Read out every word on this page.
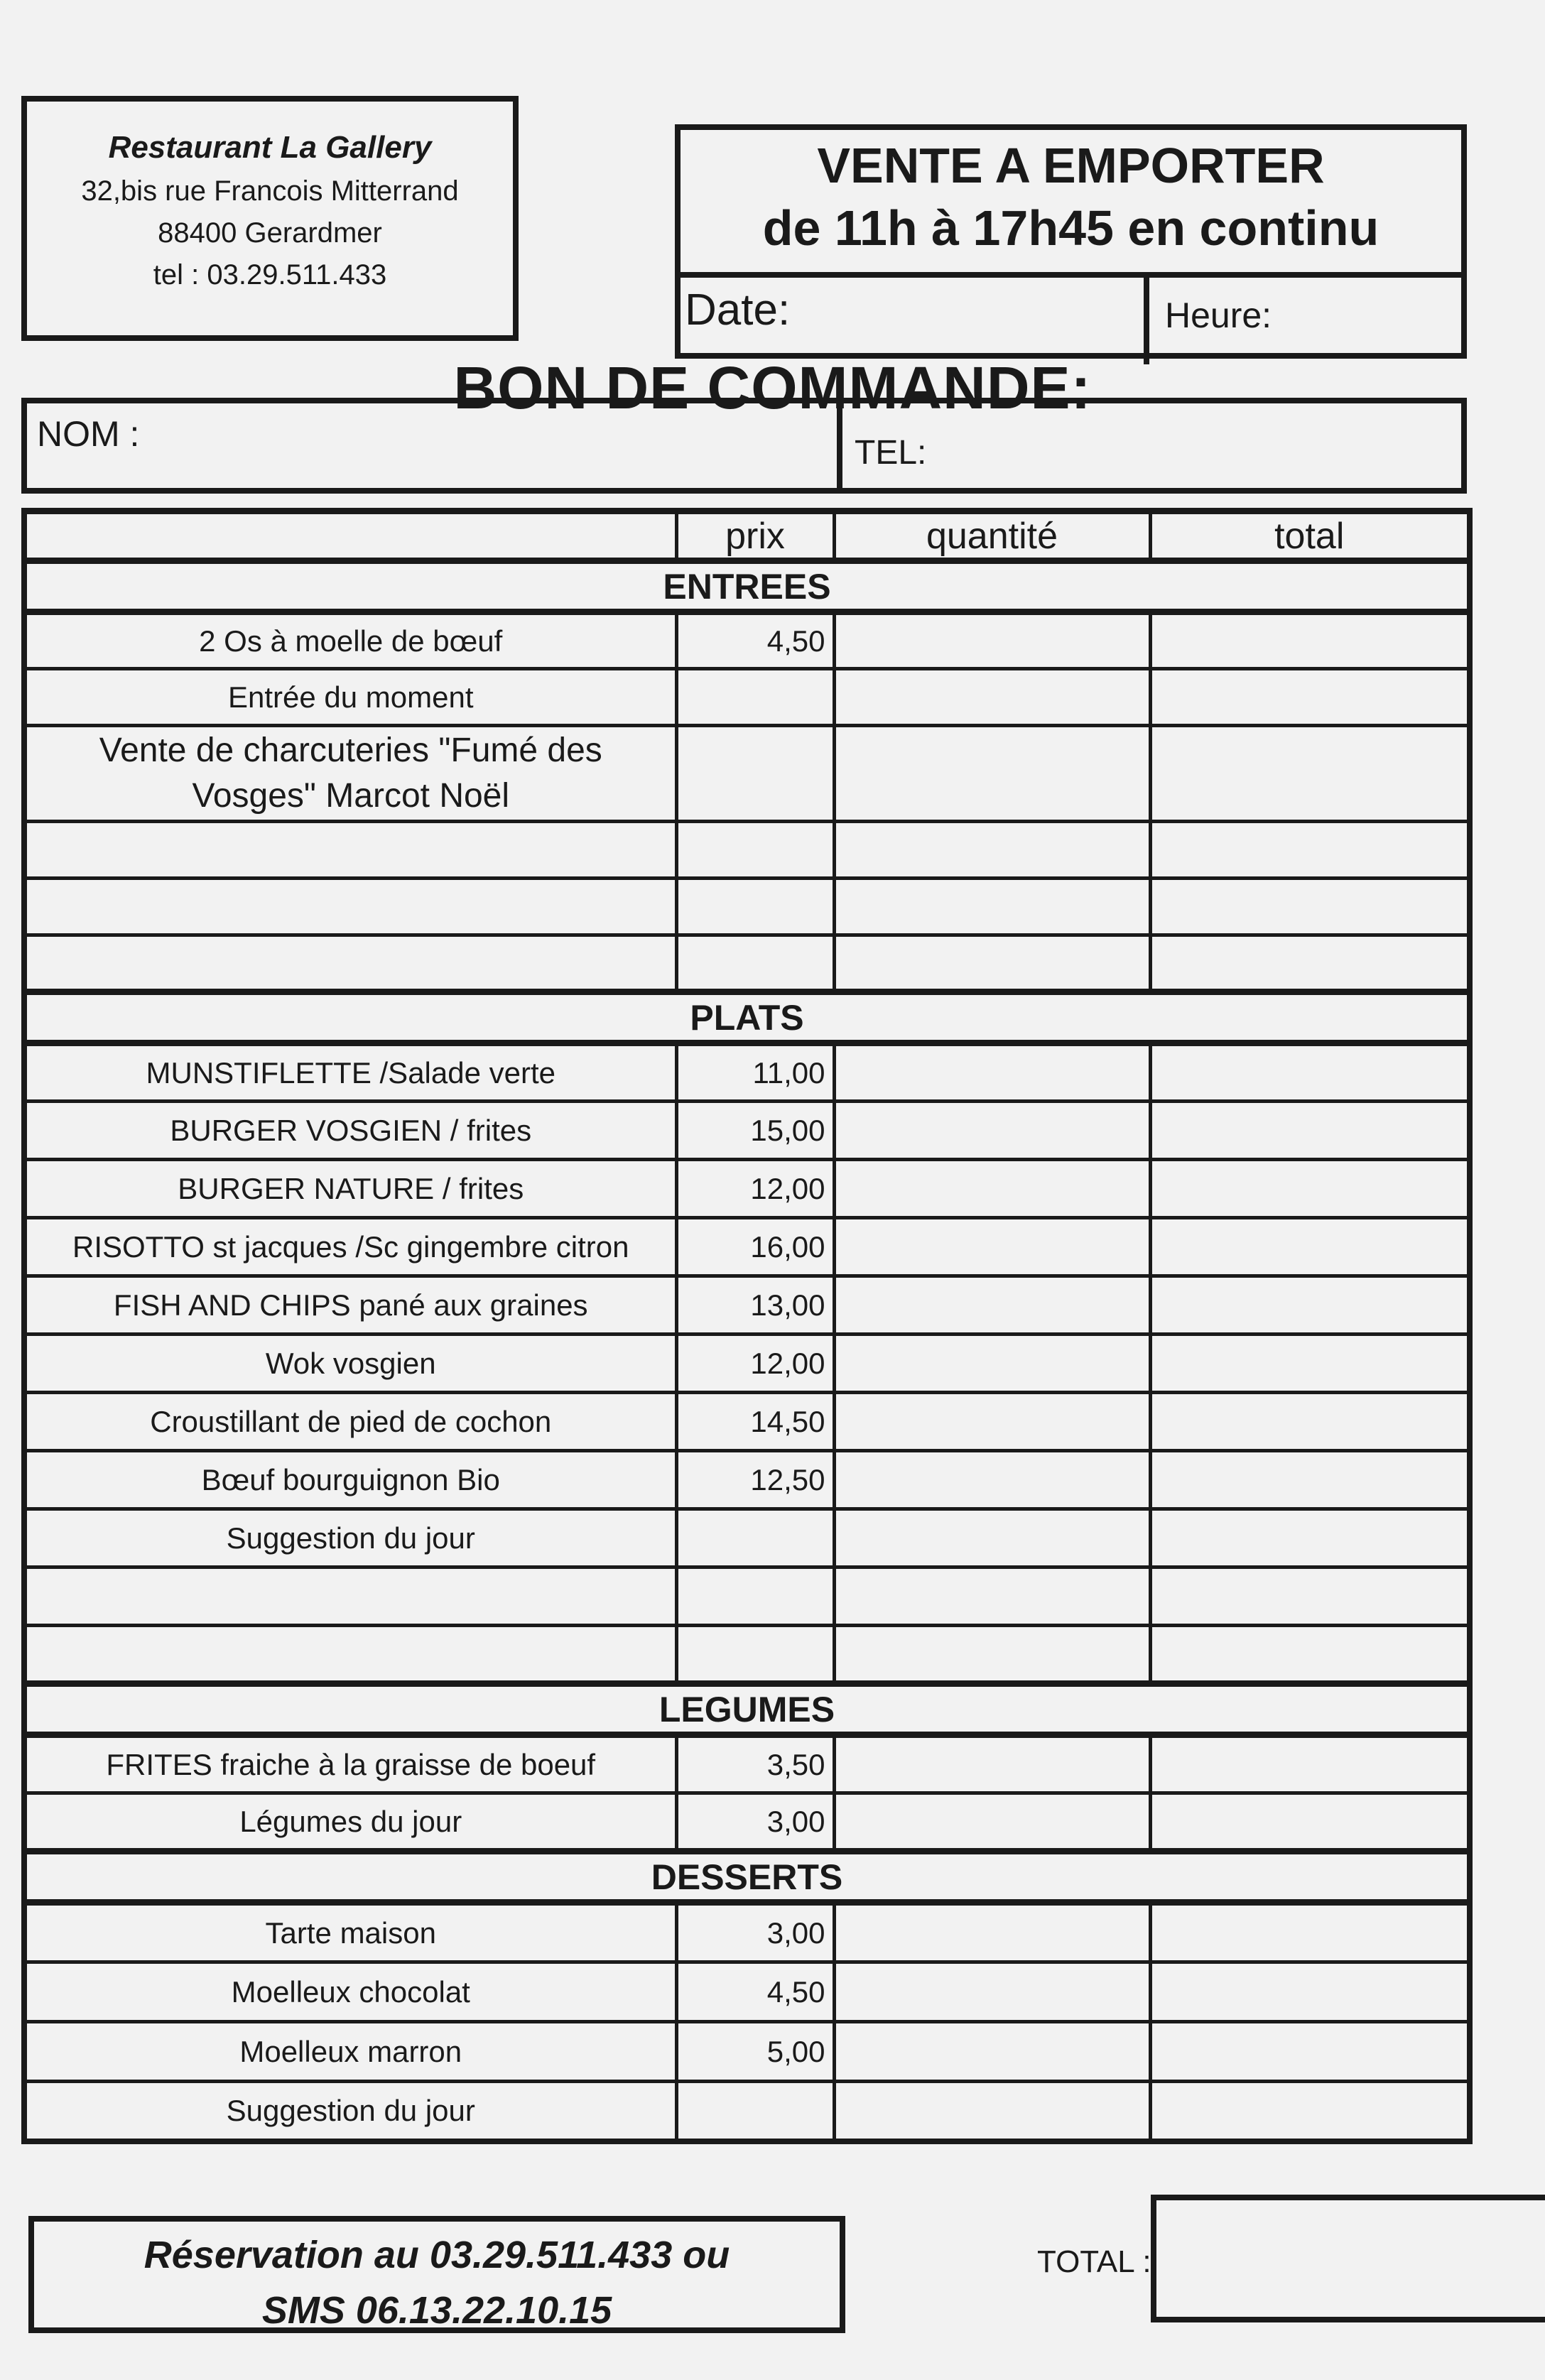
Restaurant La Gallery
32,bis rue Francois Mitterrand
88400 Gerardmer
tel : 03.29.511.433
VENTE A EMPORTER
de 11h à 17h45 en continu
Date:	Heure:
BON DE COMMANDE:
NOM :	TEL:
	prix	quantité	total
ENTREES			
2 Os à moelle de bœuf	4,50		
Entrée du moment			
Vente de charcuteries "Fumé des Vosges" Marcot Noël			

PLATS			
MUNSTIFLETTE /Salade verte	11,00		
BURGER VOSGIEN / frites	15,00		
BURGER NATURE / frites	12,00		
RISOTTO st jacques /Sc gingembre citron	16,00		
FISH AND CHIPS pané aux graines	13,00		
Wok vosgien	12,00		
Croustillant de pied de cochon	14,50		
Bœuf bourguignon Bio	12,50		
Suggestion du jour			

LEGUMES			
FRITES fraiche à la graisse de boeuf	3,50		
Légumes du jour	3,00		
DESSERTS			
Tarte maison	3,00		
Moelleux chocolat	4,50		
Moelleux marron	5,00		
Suggestion du jour			
Réservation au 03.29.511.433 ou
SMS 06.13.22.10.15
TOTAL :
